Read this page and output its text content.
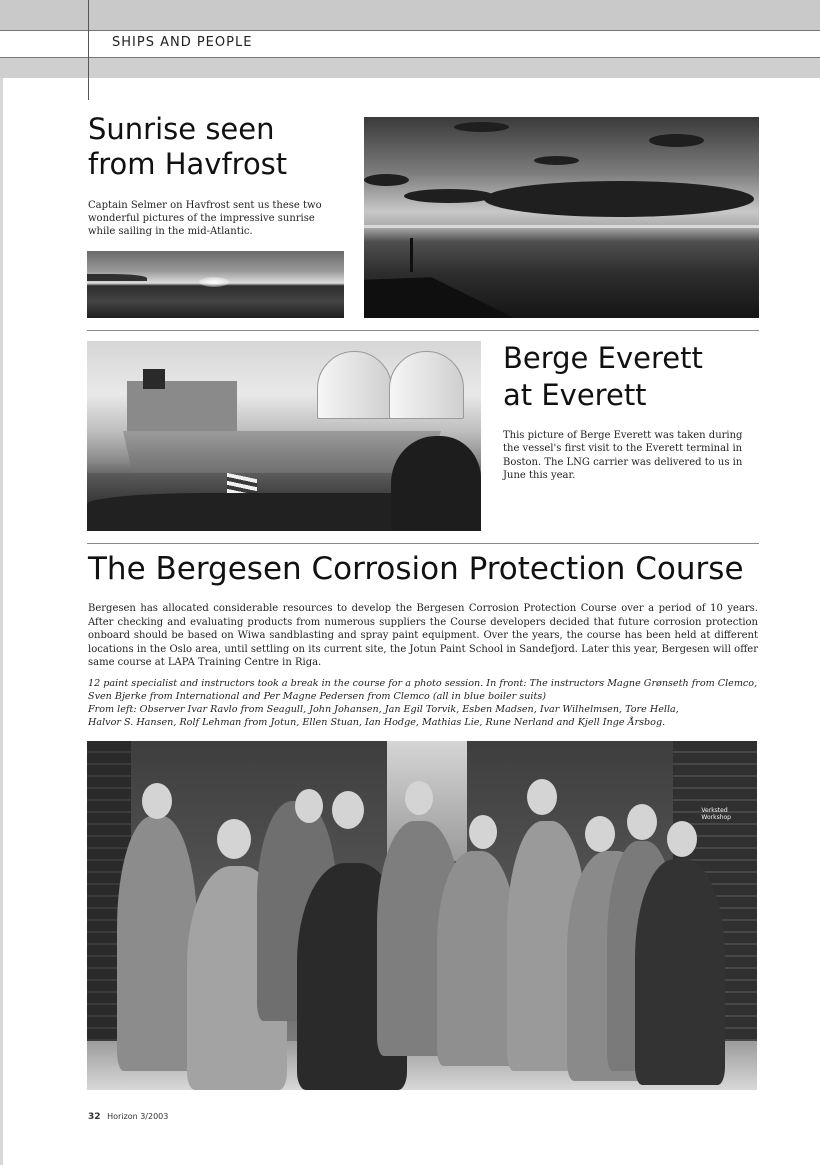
SHIPS AND PEOPLE
Sunrise seen
from Havfrost

Captain Selmer on Havfrost sent us these two wonderful pictures of the impressive sunrise while sailing in the mid-Atlantic.

Berge Everett
at Everett

This picture of Berge Everett was taken during the vessel's first visit to the Everett terminal in Boston. The LNG carrier was delivered to us in June this year.

The Bergesen Corrosion Protection Course

Bergesen has allocated considerable resources to develop the Bergesen Corrosion Protection Course over a period of 10 years. After checking and evaluating products from numerous suppliers the Course developers decided that future corrosion protection onboard should be based on Wiwa sandblasting and spray paint equipment. Over the years, the course has been held at different locations in the Oslo area, until settling on its current site, the Jotun Paint School in Sandefjord. Later this year, Bergesen will offer same course at LAPA Training Centre in Riga.

12 paint specialist and instructors took a break in the course for a photo session. In front: The instructors Magne Grønseth from Clemco,

Sven Bjerke from International and Per Magne Pedersen from Clemco (all in blue boiler suits)

From left: Observer Ivar Ravlo from Seagull, John Johansen, Jan Egil Torvik, Esben Madsen, Ivar Wilhelmsen, Tore Hella,

Halvor S. Hansen, Rolf Lehman from Jotun, Ellen Stuan, Ian Hodge, Mathias Lie, Rune Nerland and Kjell Inge Årsbog.

Verksted
Workshop
32 Horizon 3/2003
